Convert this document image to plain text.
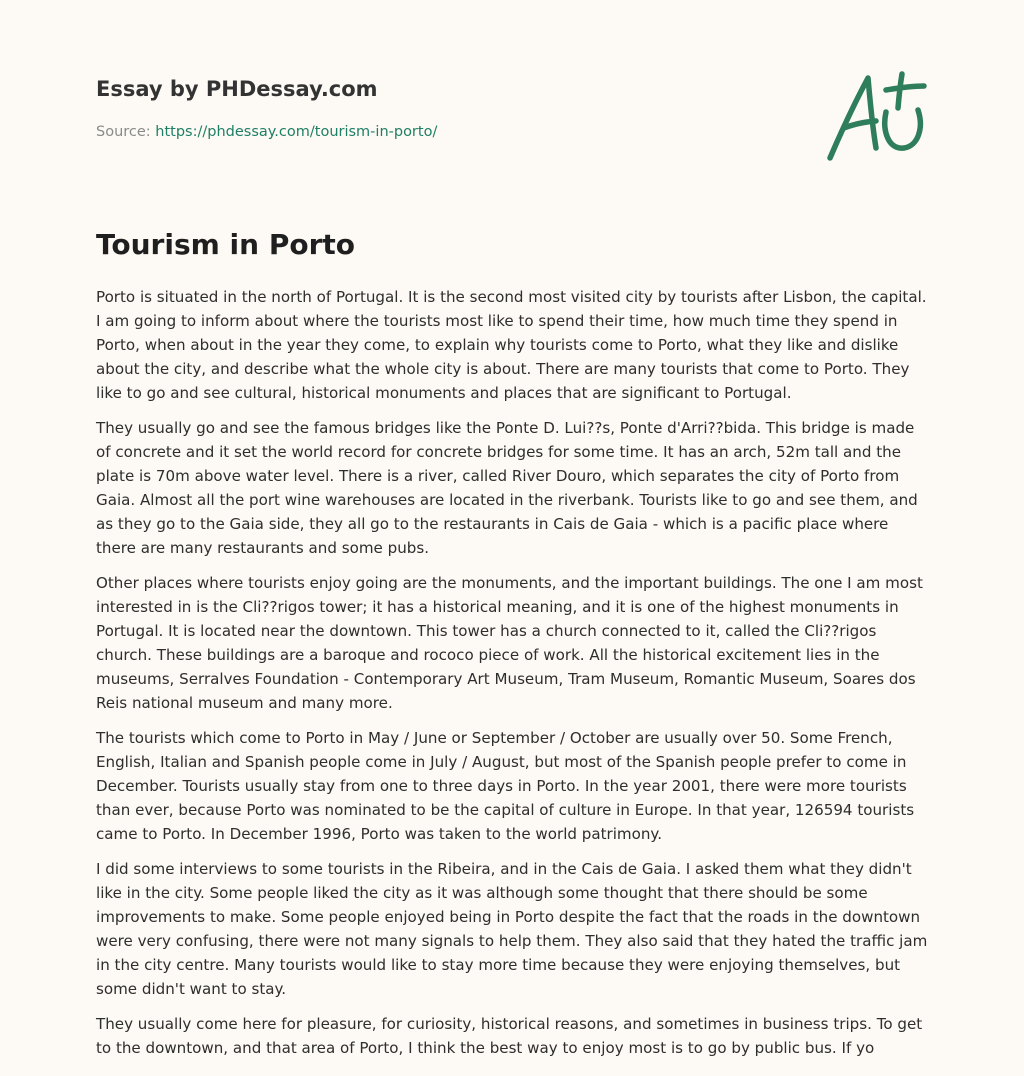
Essay by PHDessay.com
Source: https://phdessay.com/tourism-in-porto/
Tourism in Porto

Porto is situated in the north of Portugal. It is the second most visited city by tourists after Lisbon, the capital. I am going to inform about where the tourists most like to spend their time, how much time they spend in Porto, when about in the year they come, to explain why tourists come to Porto, what they like and dislike about the city, and describe what the whole city is about. There are many tourists that come to Porto. They like to go and see cultural, historical monuments and places that are significant to Portugal.

They usually go and see the famous bridges like the Ponte D. Lui??s, Ponte d'Arri??bida. This bridge is made of concrete and it set the world record for concrete bridges for some time. It has an arch, 52m tall and the plate is 70m above water level. There is a river, called River Douro, which separates the city of Porto from Gaia. Almost all the port wine warehouses are located in the riverbank. Tourists like to go and see them, and as they go to the Gaia side, they all go to the restaurants in Cais de Gaia - which is a pacific place where there are many restaurants and some pubs.

Other places where tourists enjoy going are the monuments, and the important buildings. The one I am most interested in is the Cli??rigos tower; it has a historical meaning, and it is one of the highest monuments in Portugal. It is located near the downtown. This tower has a church connected to it, called the Cli??rigos church. These buildings are a baroque and rococo piece of work. All the historical excitement lies in the museums, Serralves Foundation - Contemporary Art Museum, Tram Museum, Romantic Museum, Soares dos Reis national museum and many more.

The tourists which come to Porto in May / June or September / October are usually over 50. Some French, English, Italian and Spanish people come in July / August, but most of the Spanish people prefer to come in December. Tourists usually stay from one to three days in Porto. In the year 2001, there were more tourists than ever, because Porto was nominated to be the capital of culture in Europe. In that year, 126594 tourists came to Porto. In December 1996, Porto was taken to the world patrimony.

I did some interviews to some tourists in the Ribeira, and in the Cais de Gaia. I asked them what they didn't like in the city. Some people liked the city as it was although some thought that there should be some improvements to make. Some people enjoyed being in Porto despite the fact that the roads in the downtown were very confusing, there were not many signals to help them. They also said that they hated the traffic jam in the city centre. Many tourists would like to stay more time because they were enjoying themselves, but some didn't want to stay.

They usually come here for pleasure, for curiosity, historical reasons, and sometimes in business trips. To get to the downtown, and that area of Porto, I think the best way to enjoy most is to go by public bus. If yo
